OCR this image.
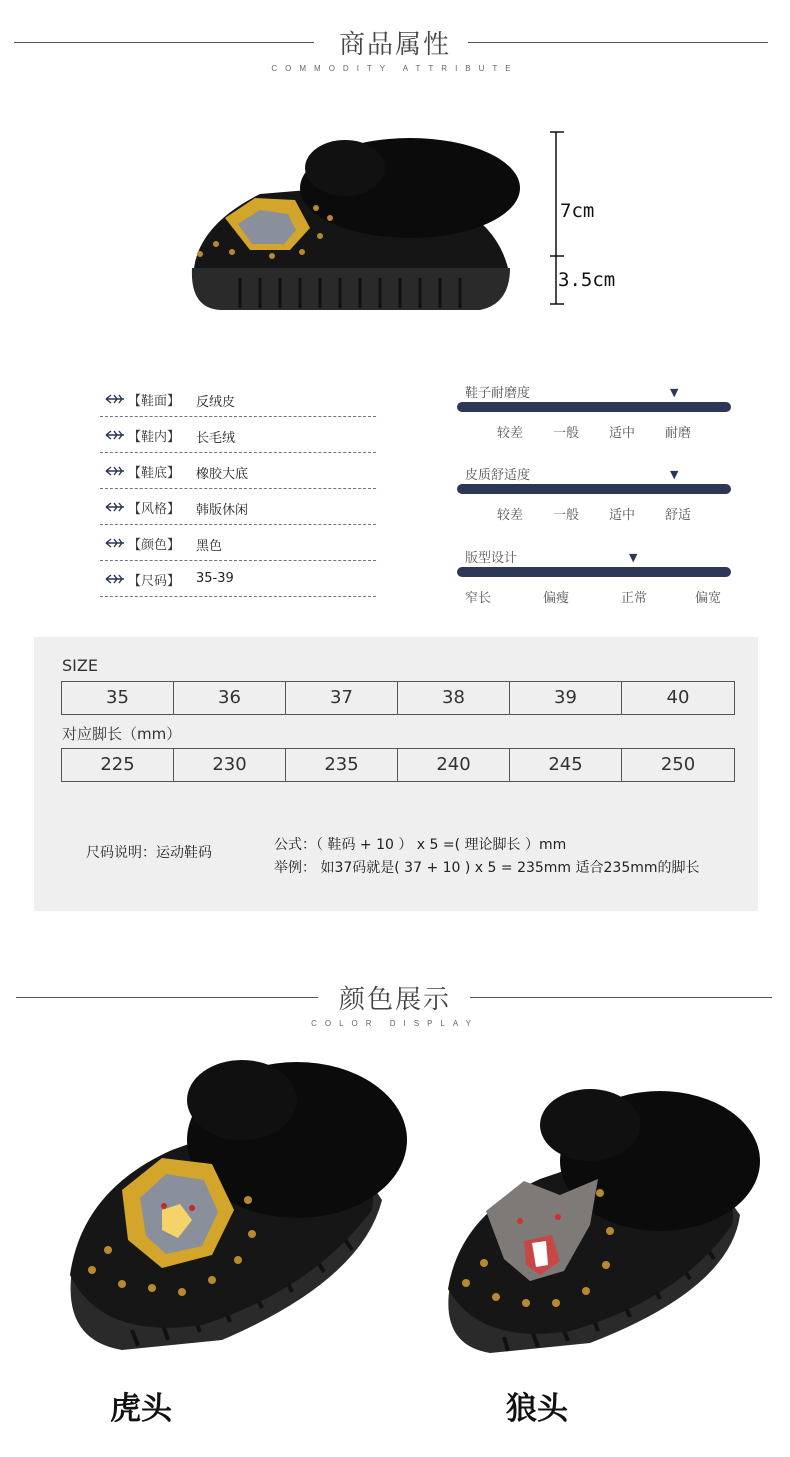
商品属性
COMMODITY ATTRIBUTE
7cm
3.5cm
【鞋面】 反绒皮
【鞋内】 长毛绒
【鞋底】 橡胶大底
【风格】 韩版休闲
【颜色】 黑色
【尺码】 35-39
鞋子耐磨度	▼
较差 一般 适中 耐磨
皮质舒适度	▼
较差 一般 适中 舒适
版型设计	▼
窄长	偏瘦	正常	偏宽
SIZE
35	36	37	38	39	40
对应脚长（mm）
225	230	235	240	245	250
尺码说明：运动鞋码	公式：（ 鞋码 + 10 ） x 5 =( 理论脚长 ）mm
举例： 如37码就是( 37 + 10 ) x 5 = 235mm 适合235mm的脚长
颜色展示
COLOR DISPLAY
虎头	狼头
